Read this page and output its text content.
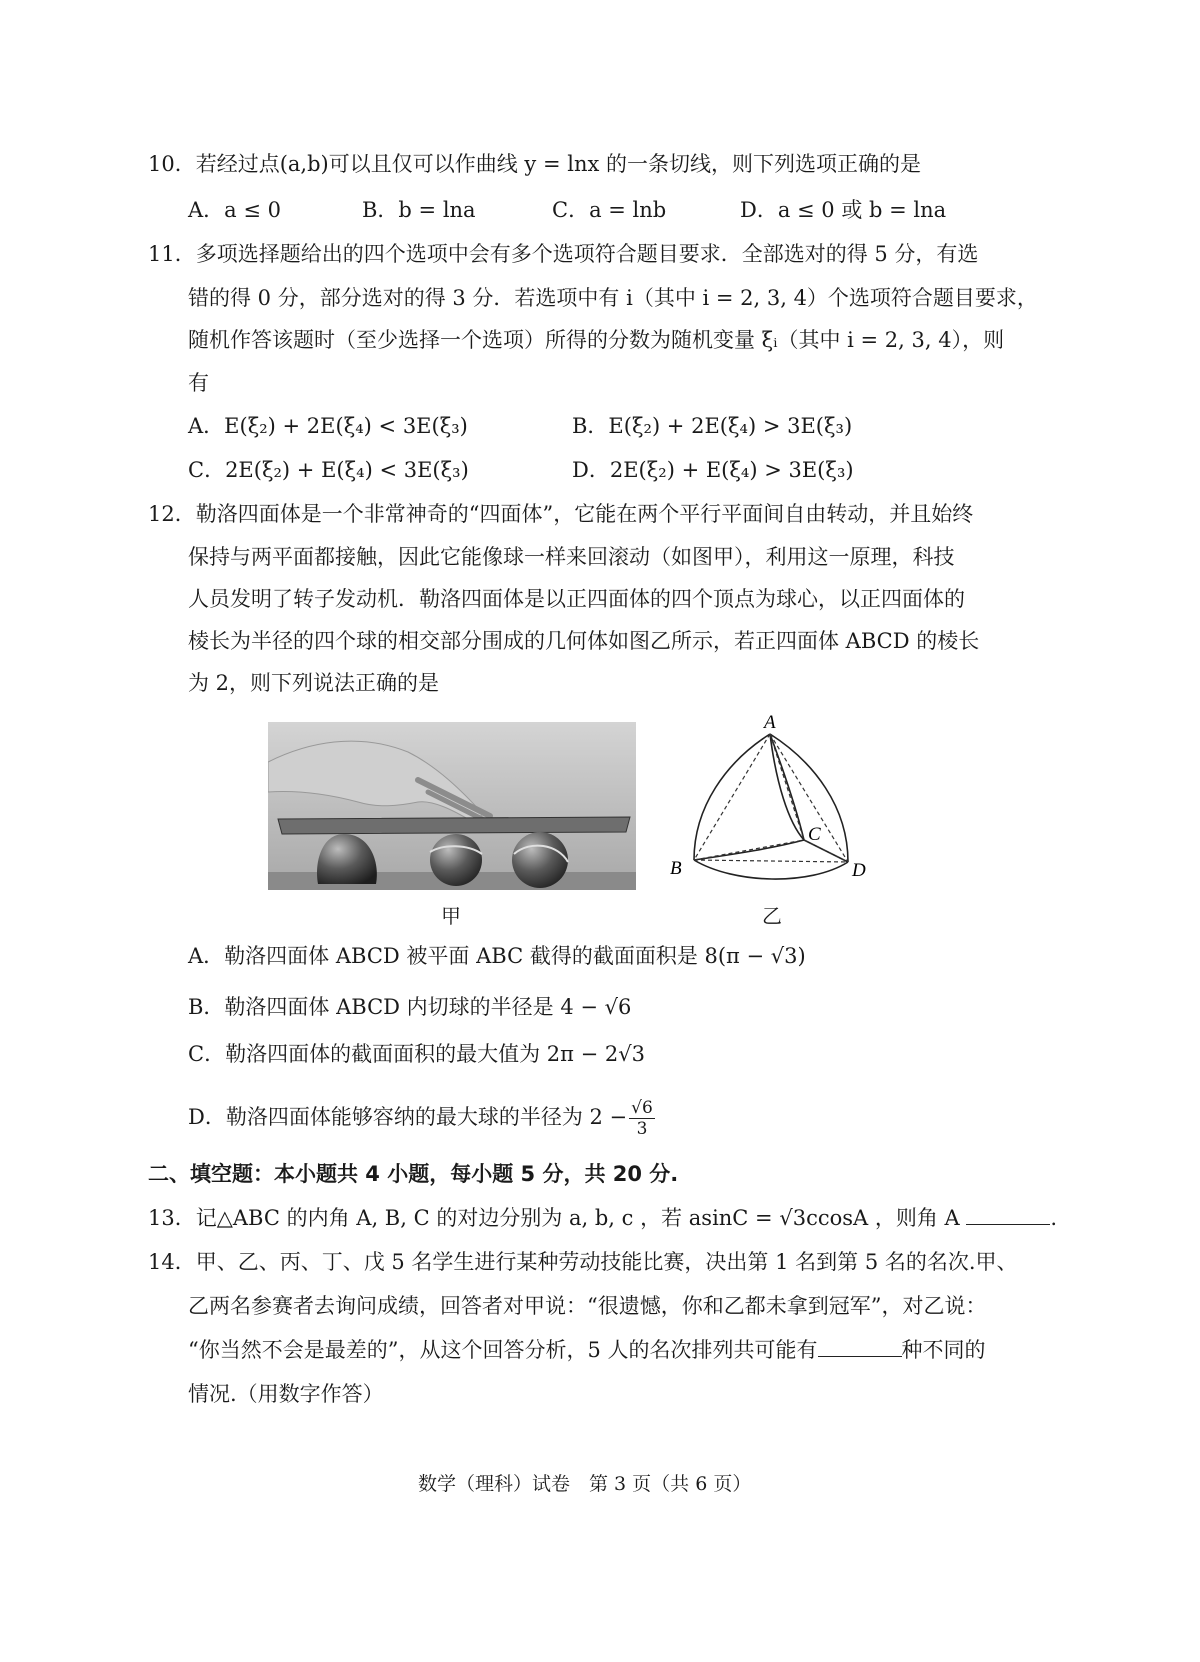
10．若经过点(a,b)可以且仅可以作曲线 y = lnx 的一条切线，则下列选项正确的是
A．a ≤ 0	B．b = lna	C．a = lnb	D．a ≤ 0 或 b = lna
11．多项选择题给出的四个选项中会有多个选项符合题目要求．全部选对的得 5 分，有选
错的得 0 分，部分选对的得 3 分．若选项中有 i（其中 i = 2, 3, 4）个选项符合题目要求，
随机作答该题时（至少选择一个选项）所得的分数为随机变量 ξᵢ（其中 i = 2, 3, 4），则
有
A．E(ξ₂) + 2E(ξ₄) < 3E(ξ₃)	B．E(ξ₂) + 2E(ξ₄) > 3E(ξ₃)
C．2E(ξ₂) + E(ξ₄) < 3E(ξ₃)	D．2E(ξ₂) + E(ξ₄) > 3E(ξ₃)
12．勒洛四面体是一个非常神奇的“四面体”，它能在两个平行平面间自由转动，并且始终
保持与两平面都接触，因此它能像球一样来回滚动（如图甲），利用这一原理，科技
人员发明了转子发动机．勒洛四面体是以正四面体的四个顶点为球心，以正四面体的
棱长为半径的四个球的相交部分围成的几何体如图乙所示，若正四面体 ABCD 的棱长
为 2，则下列说法正确的是
甲
A
B
C
D
乙
A．勒洛四面体 ABCD 被平面 ABC 截得的截面面积是 8(π − √3)
B．勒洛四面体 ABCD 内切球的半径是 4 − √6
C．勒洛四面体的截面面积的最大值为 2π − 2√3
D．勒洛四面体能够容纳的最大球的半径为 $2 - \frac{√6}{3}$
二、填空题：本小题共 4 小题，每小题 5 分，共 20 分.
13．记△ABC 的内角 A, B, C 的对边分别为 a, b, c ，若 asinC = √3ccosA ，则角 A	.
14．甲、乙、丙、丁、戊 5 名学生进行某种劳动技能比赛，决出第 1 名到第 5 名的名次.甲、
乙两名参赛者去询问成绩，回答者对甲说：“很遗憾，你和乙都未拿到冠军”，对乙说：
“你当然不会是最差的”，从这个回答分析，5 人的名次排列共可能有	种不同的
情况.（用数字作答）
数学（理科）试卷　第 3 页（共 6 页）
